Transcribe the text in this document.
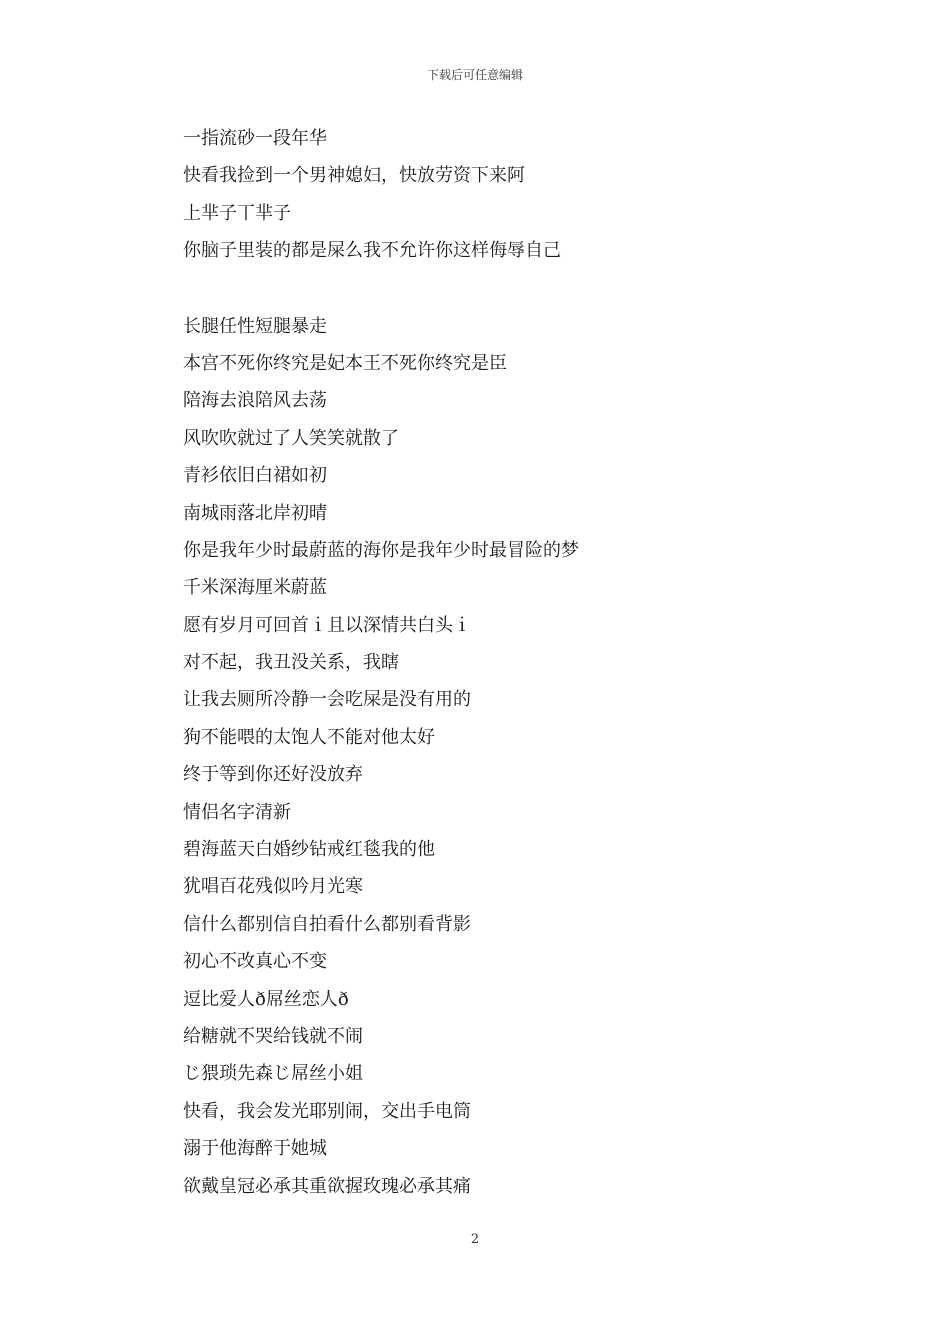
下载后可任意编辑
一指流砂一段年华
快看我捡到一个男神媳妇，快放劳资下来阿
上芈子丅芈子
你脑子里装的都是屎么我不允许你这样侮辱自己
长腿任性短腿暴走
本宫不死你终究是妃本王不死你终究是臣
陪海去浪陪风去荡
风吹吹就过了人笑笑就散了
青衫依旧白裙如初
南城雨落北岸初晴
你是我年少时最蔚蓝的海你是我年少时最冒险的梦
千米深海厘米蔚蓝
愿有岁月可回首ｉ且以深情共白头ｉ
对不起，我丑没关系，我瞎
让我去厕所冷静一会吃屎是没有用的
狗不能喂的太饱人不能对他太好
终于等到你还好没放弃
情侣名字清新
碧海蓝天白婚纱钻戒红毯我的他
犹唱百花残似吟月光寒
信什么都别信自拍看什么都别看背影
初心不改真心不变
逗比爱人ð屌丝恋人ð
给糖就不哭给钱就不闹
じ猥琐先森じ屌丝小姐
快看，我会发光耶别闹，交出手电筒
溺于他海醉于她城
欲戴皇冠必承其重欲握玫瑰必承其痛
2
